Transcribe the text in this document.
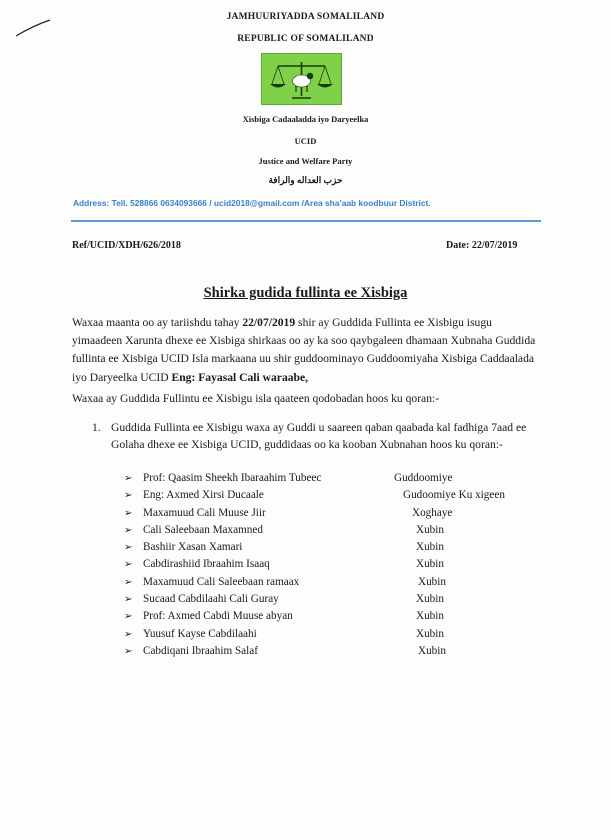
JAMHUURIYADDA SOMALILAND
REPUBLIC OF SOMALILAND
Xisbiga Cadaaladda iyo Daryeelka
UCID
Justice and Welfare Party
حزب العداله والرافة
Address: Tell. 528866 0634093666 / ucid2018@gmail.com /Area sha’aab koodbuur District.
Ref/UCID/XDH/626/2018	Date: 22/07/2019
Shirka gudida fullinta ee Xisbiga
Waxaa maanta oo ay tariishdu tahay 22/07/2019 shir ay Guddida Fullinta ee Xisbigu isugu yimaadeen Xarunta dhexe ee Xisbiga shirkaas oo ay ka soo qaybgaleen dhamaan Xubnaha Guddida fullinta ee Xisbiga UCID Isla markaana uu shir guddoominayo Guddoomiyaha Xisbiga Caddaalada iyo Daryeelka UCID Eng: Fayasal Cali waraabe,
Waxaa ay Guddida Fullintu ee Xisbigu isla qaateen qodobadan hoos ku qoran:-
1. Guddida Fullinta ee Xisbigu waxa ay Guddi u saareen qaban qaabada kal fadhiga 7aad ee Golaha dhexe ee Xisbiga UCID, guddidaas oo ka kooban Xubnahan hoos ku qoran:-
➢ Prof: Qaasim Sheekh Ibaraahim Tubeec	Guddoomiye
➢ Eng: Axmed Xirsi Ducaale	Gudoomiye Ku xigeen
➢ Maxamuud Cali Muuse Jiir	Xoghaye
➢ Cali Saleebaan Maxamned	Xubin
➢ Bashiir Xasan Xamari	Xubin
➢ Cabdirashiid Ibraahim Isaaq	Xubin
➢ Maxamuud Cali Saleebaan ramaax	Xubin
➢ Sucaad Cabdilaahi Cali Guray	Xubin
➢ Prof: Axmed Cabdi Muuse abyan	Xubin
➢ Yuusuf Kayse Cabdilaahi	Xubin
➢ Cabdiqani Ibraahim Salaf	Xubin
